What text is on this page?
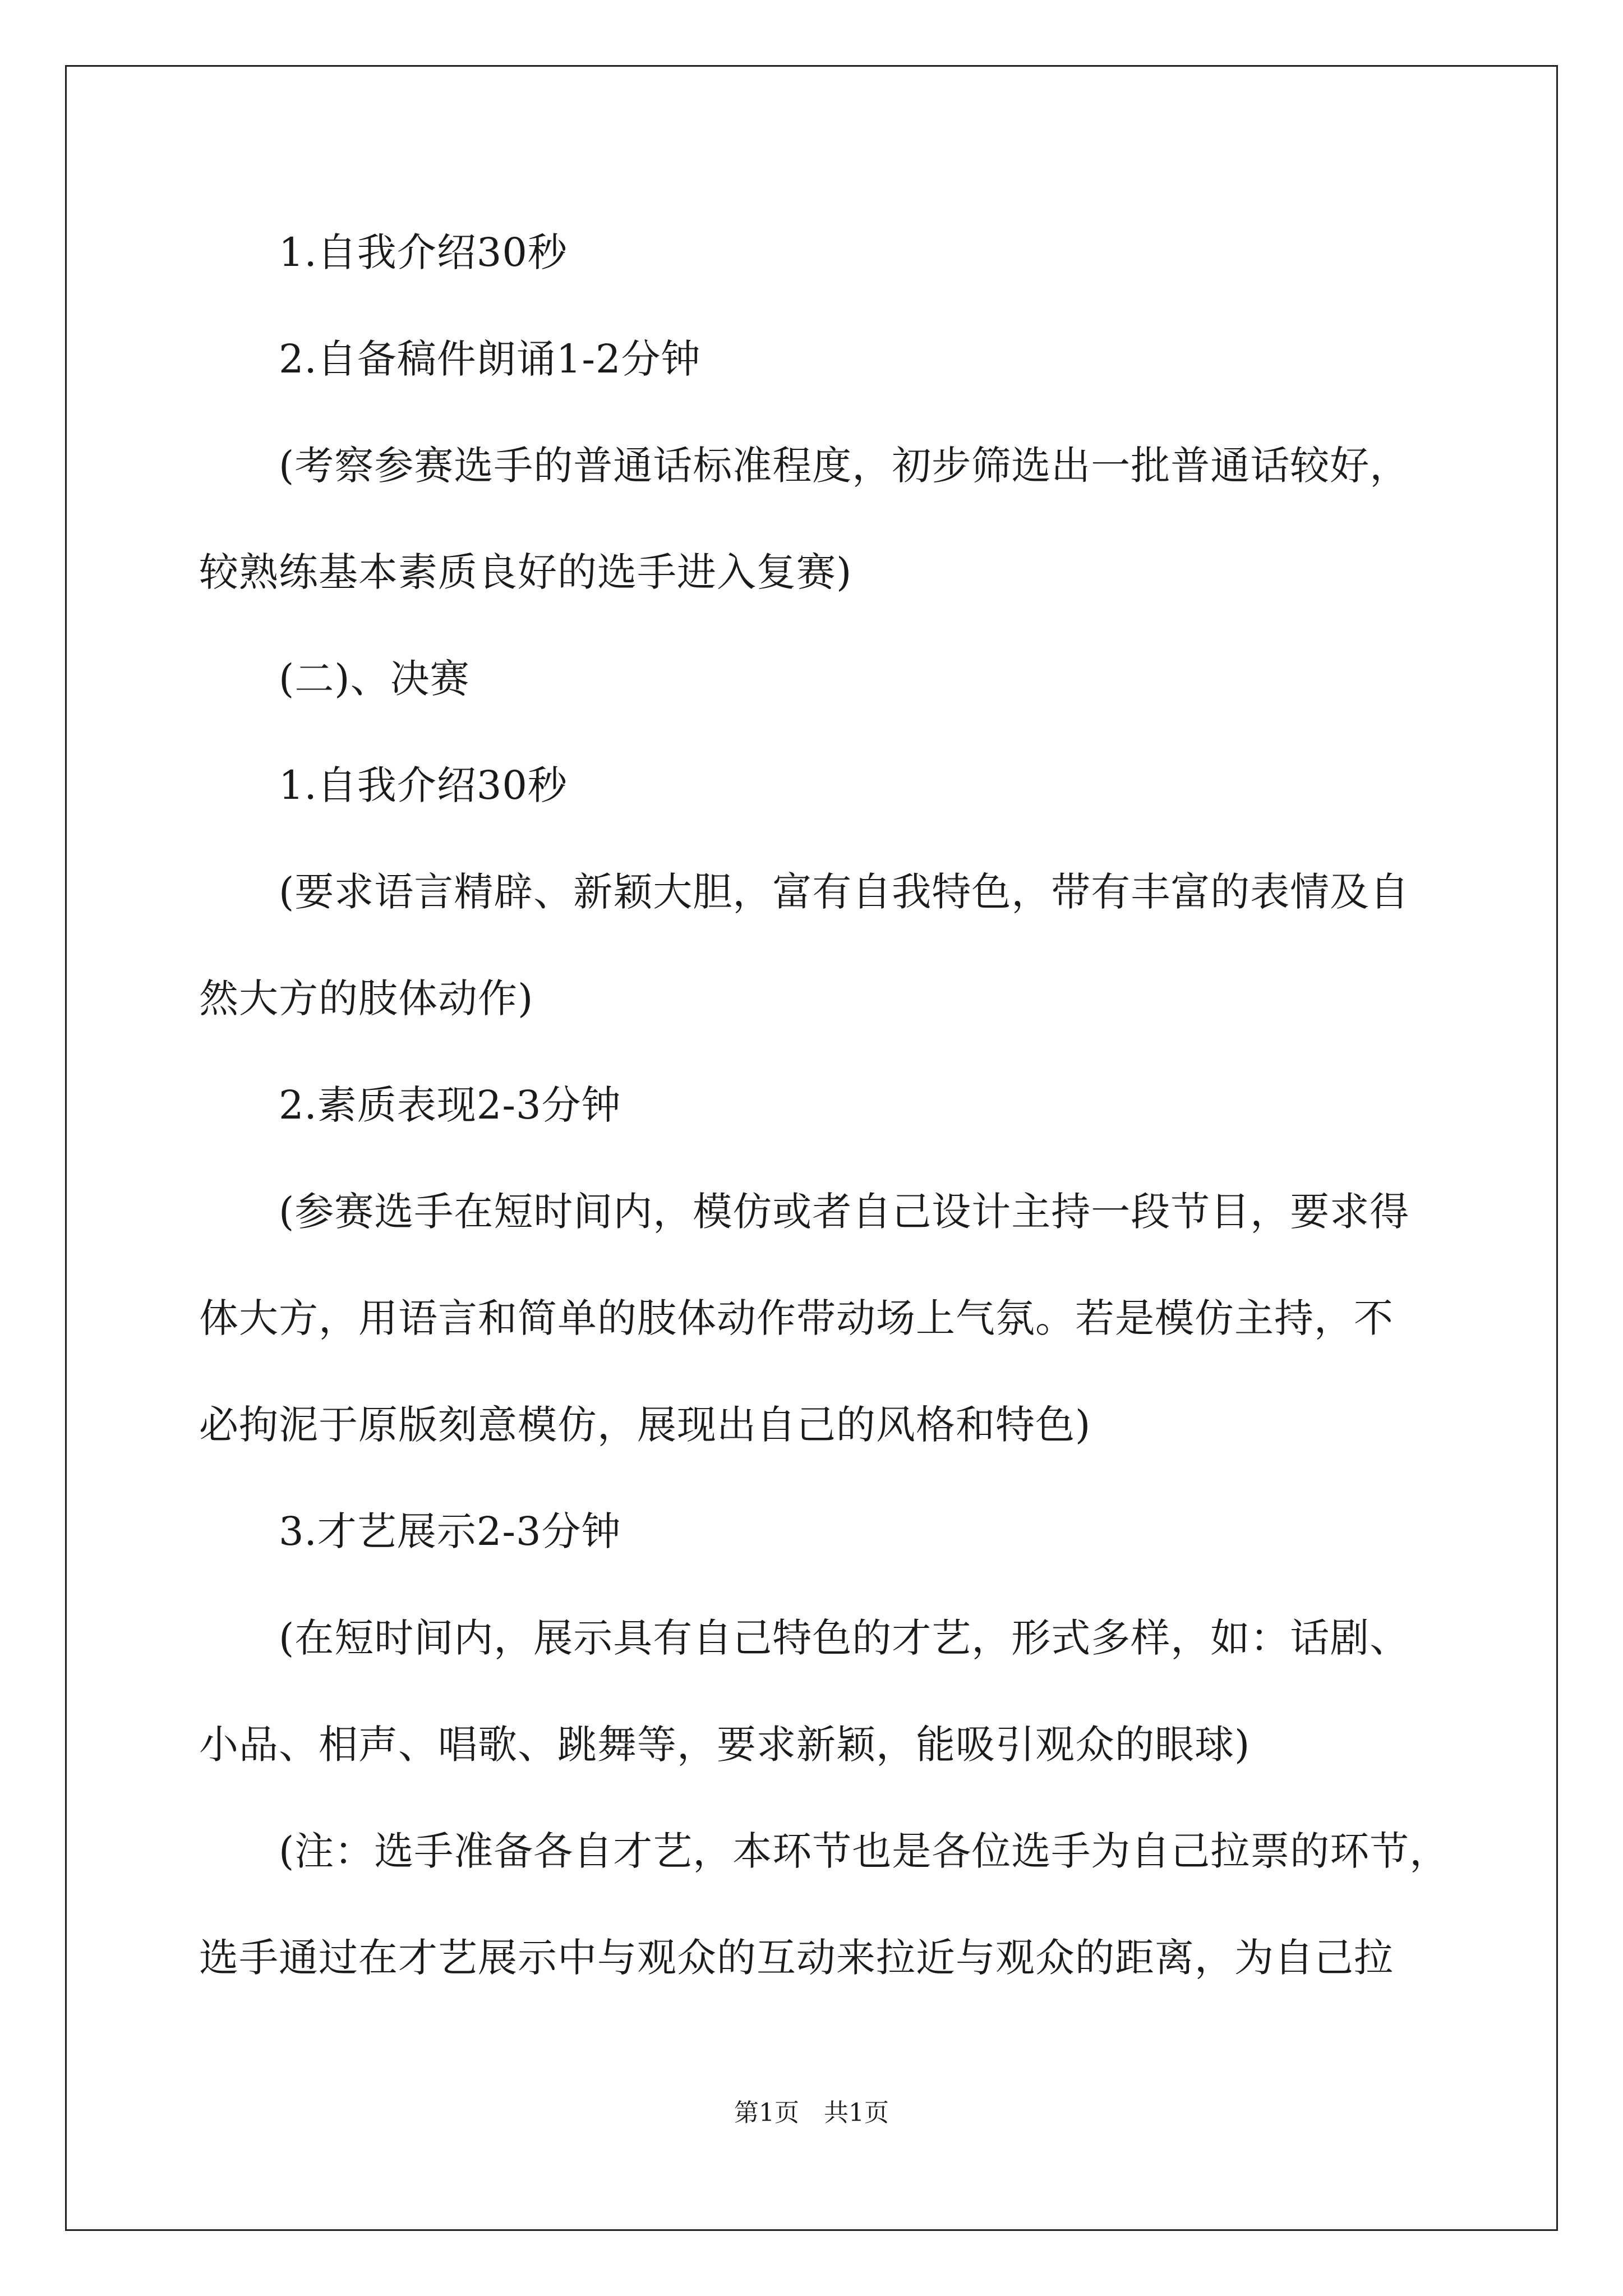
1.自我介绍30秒
2.自备稿件朗诵1-2分钟
(考察参赛选手的普通话标准程度，初步筛选出一批普通话较好，
较熟练基本素质良好的选手进入复赛)
(二)、决赛
1.自我介绍30秒
(要求语言精辟、新颖大胆，富有自我特色，带有丰富的表情及自
然大方的肢体动作)
2.素质表现2-3分钟
(参赛选手在短时间内，模仿或者自己设计主持一段节目，要求得
体大方，用语言和简单的肢体动作带动场上气氛。若是模仿主持，不
必拘泥于原版刻意模仿，展现出自己的风格和特色)
3.才艺展示2-3分钟
(在短时间内，展示具有自己特色的才艺，形式多样，如：话剧、
小品、相声、唱歌、跳舞等，要求新颖，能吸引观众的眼球)
(注：选手准备各自才艺，本环节也是各位选手为自己拉票的环节，
选手通过在才艺展示中与观众的互动来拉近与观众的距离，为自己拉
第1页　共1页
